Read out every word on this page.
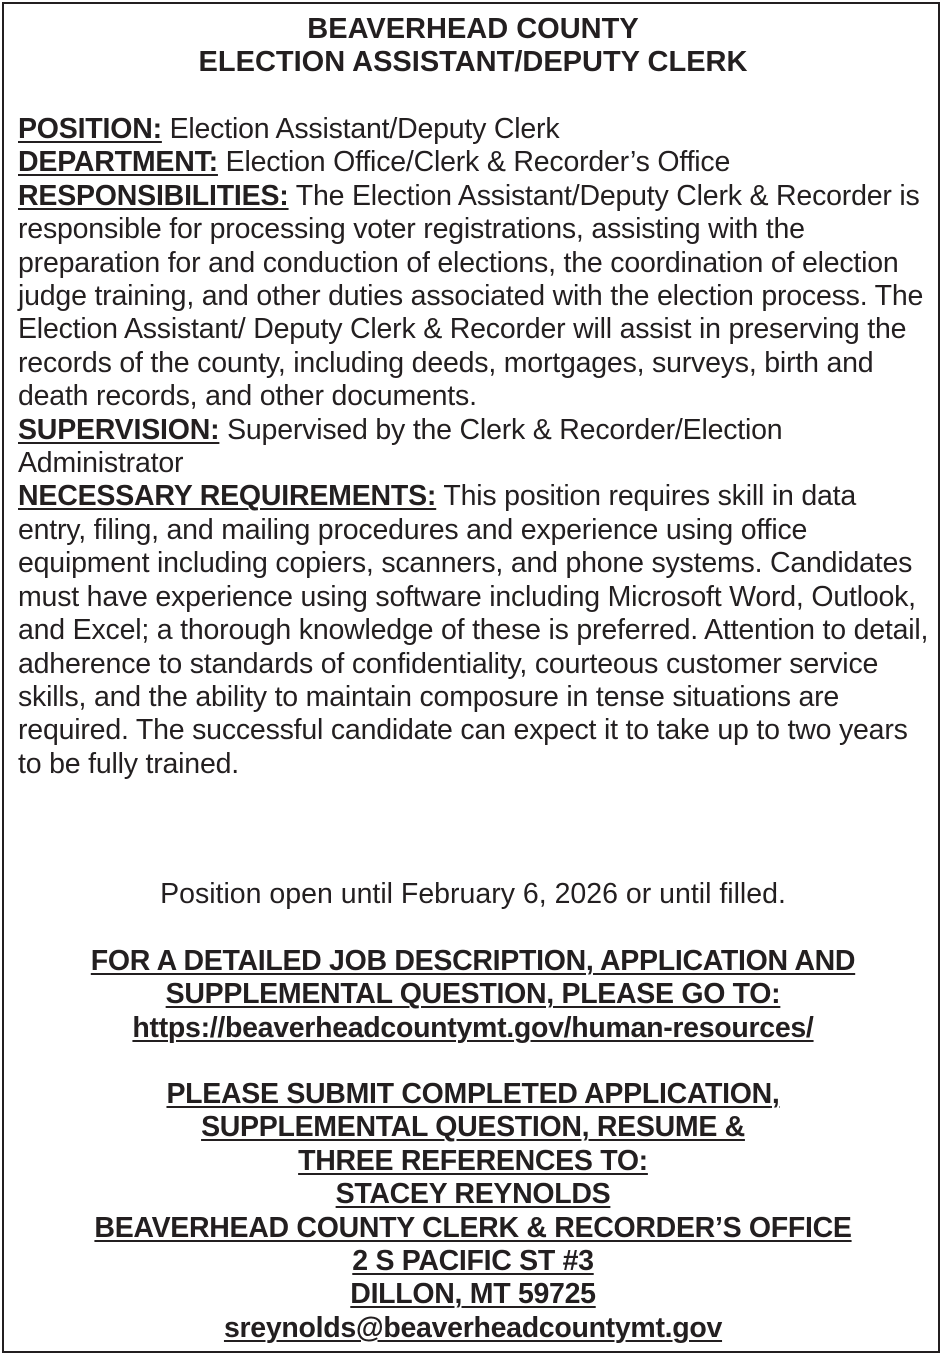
BEAVERHEAD COUNTY
ELECTION ASSISTANT/DEPUTY CLERK

POSITION: Election Assistant/Deputy Clerk

DEPARTMENT: Election Office/Clerk & Recorder’s Office

RESPONSIBILITIES: The Election Assistant/Deputy Clerk & Recorder is responsible for processing voter registrations, assisting with the preparation for and conduction of elections, the coordination of election judge training, and other duties associated with the election process. The Election Assistant/ Deputy Clerk & Recorder will assist in preserving the records of the county, including deeds, mortgages, surveys, birth and death records, and other documents.

SUPERVISION: Supervised by the Clerk & Recorder/Election Administrator

NECESSARY REQUIREMENTS: This position requires skill in data entry, filing, and mailing procedures and experience using office equipment including copiers, scanners, and phone systems. Candidates must have experience using software including Microsoft Word, Outlook, and Excel; a thorough knowledge of these is preferred. Attention to detail, adherence to standards of confidentiality, courteous customer service skills, and the ability to maintain composure in tense situations are required. The successful candidate can expect it to take up to two years to be fully trained.

Position open until February 6, 2026 or until filled.
FOR A DETAILED JOB DESCRIPTION, APPLICATION AND
SUPPLEMENTAL QUESTION, PLEASE GO TO:
https://beaverheadcountymt.gov/human-resources/
PLEASE SUBMIT COMPLETED APPLICATION,
SUPPLEMENTAL QUESTION, RESUME &
THREE REFERENCES TO:
STACEY REYNOLDS
BEAVERHEAD COUNTY CLERK & RECORDER’S OFFICE
2 S PACIFIC ST #3
DILLON, MT 59725
sreynolds@beaverheadcountymt.gov
